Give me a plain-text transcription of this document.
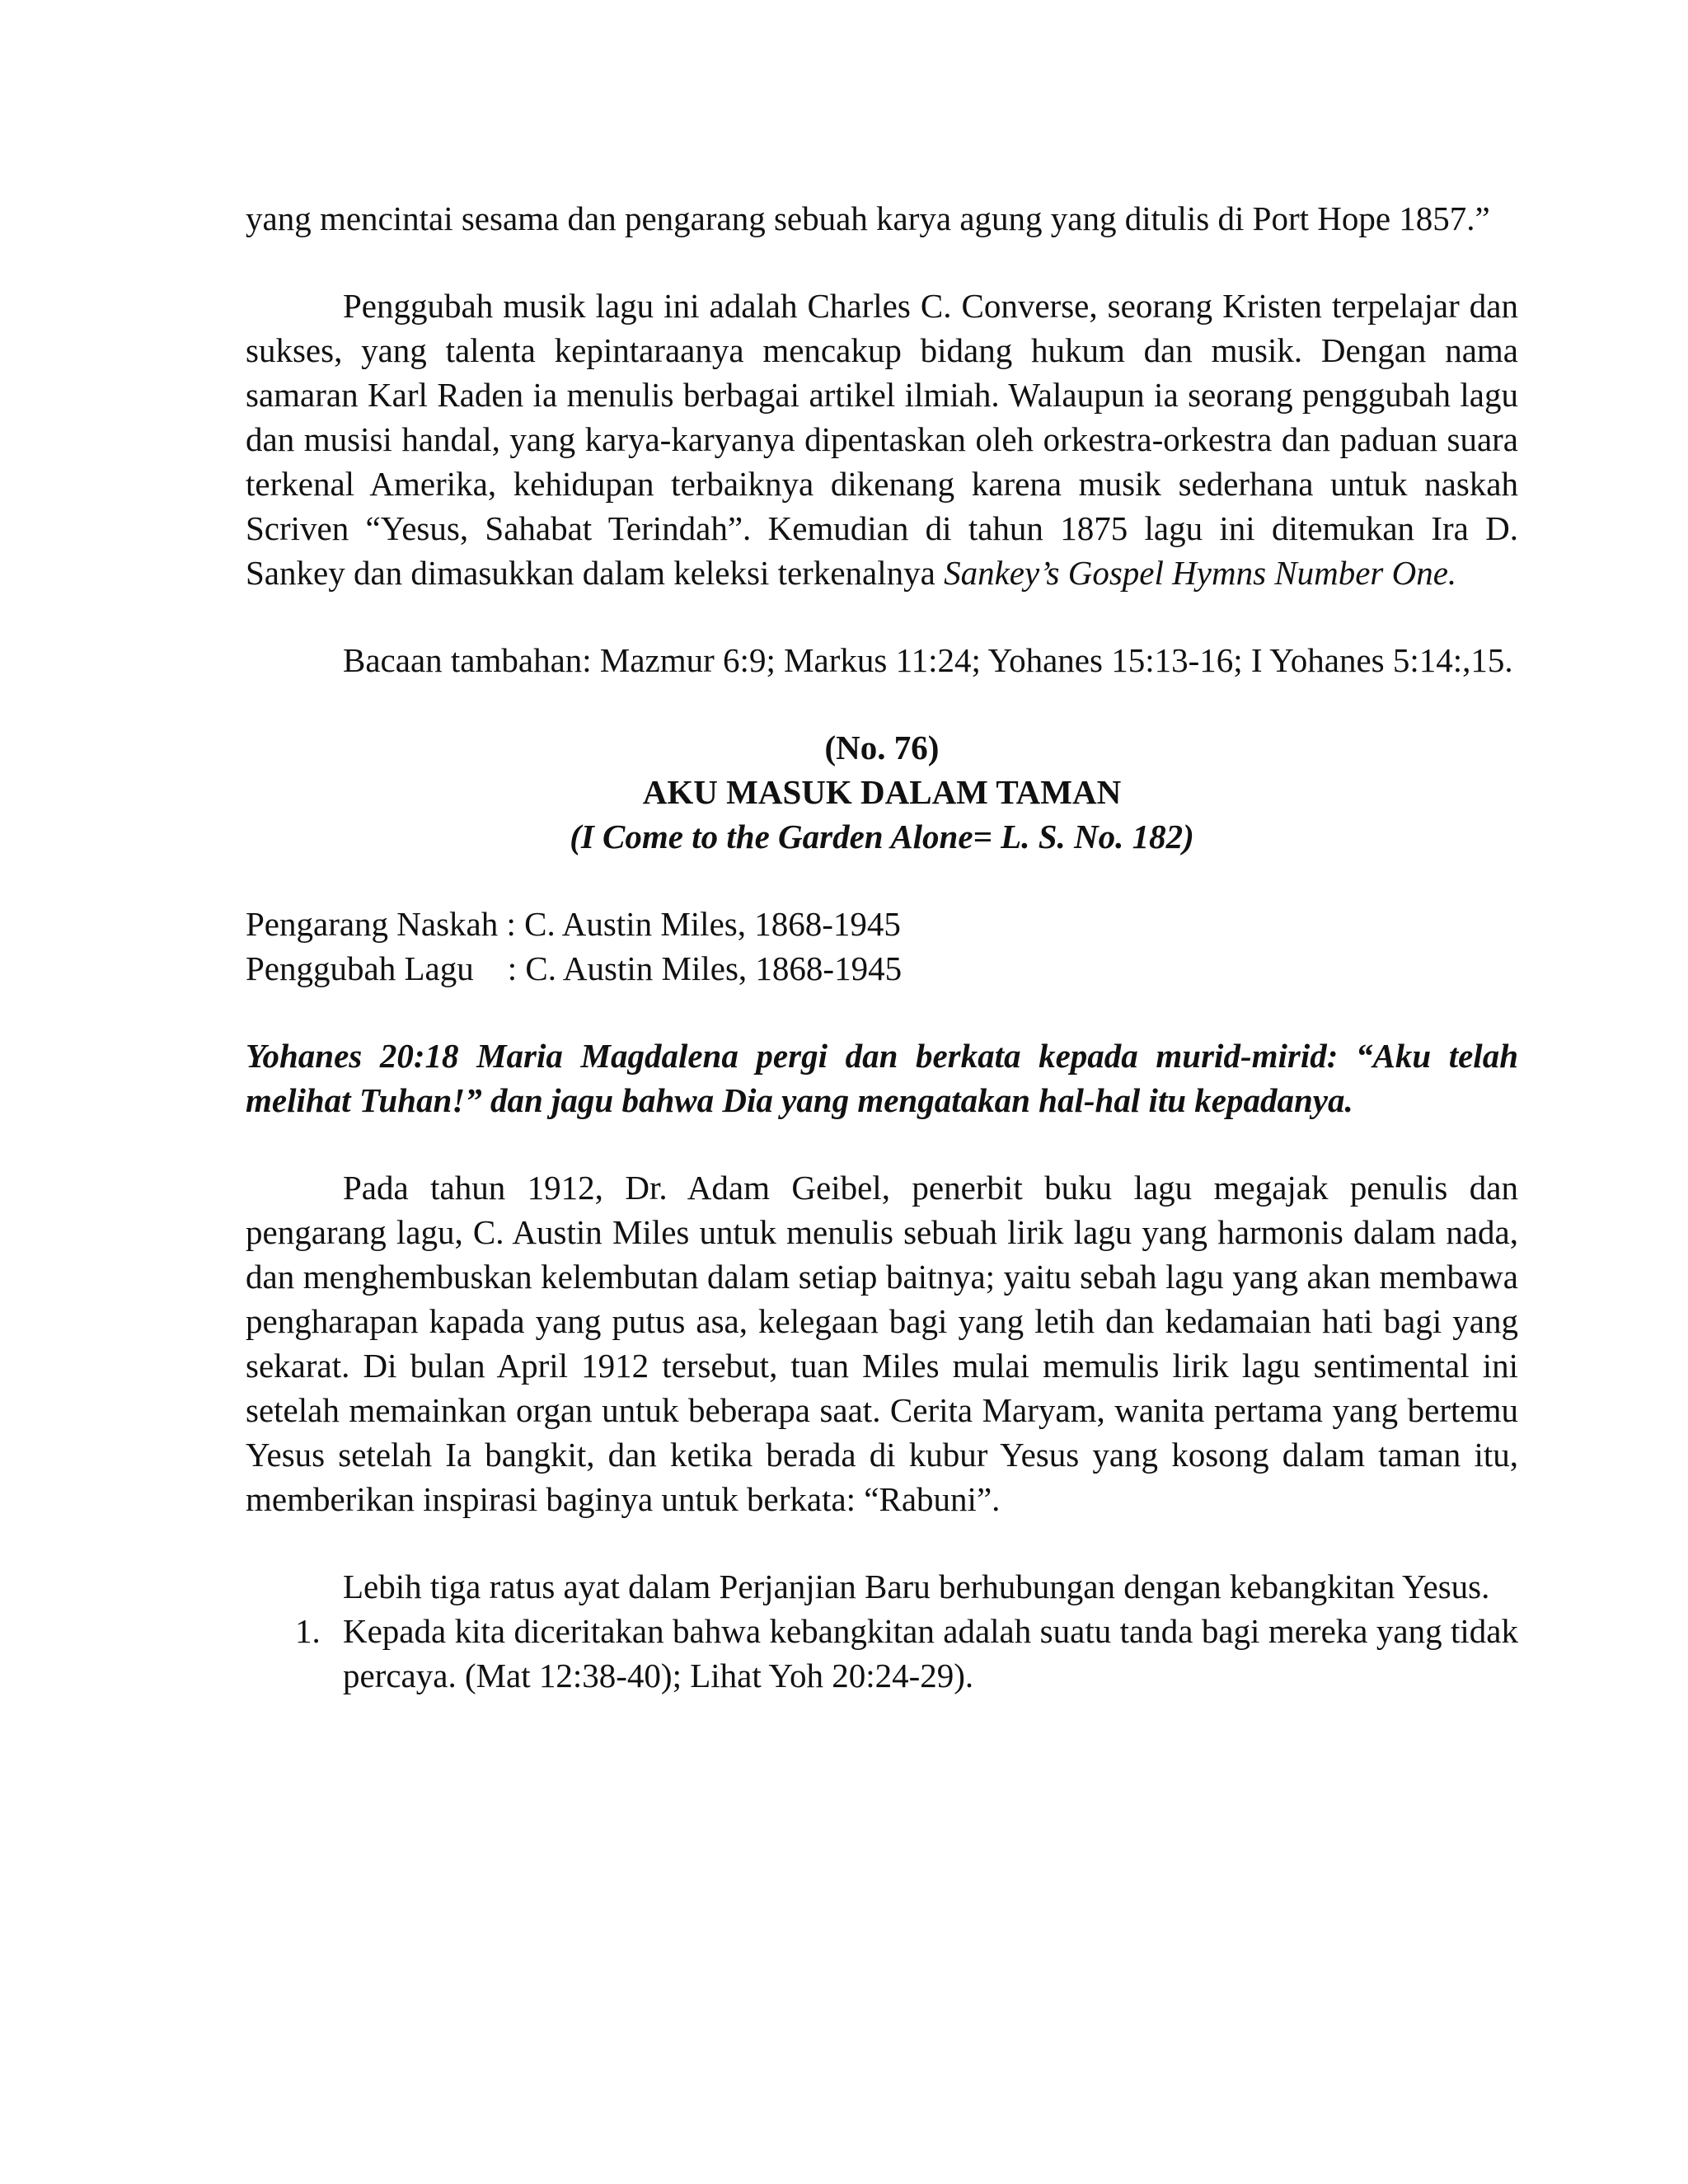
yang mencintai sesama dan pengarang sebuah karya agung yang ditulis di Port Hope 1857.”

Penggubah musik lagu ini adalah Charles C. Converse, seorang Kristen terpelajar dan sukses, yang talenta kepintaraanya mencakup bidang hukum dan musik. Dengan nama samaran Karl Raden ia menulis berbagai artikel ilmiah. Walaupun ia seorang penggubah lagu dan musisi handal, yang karya-karyanya dipentaskan oleh orkestra-orkestra dan paduan suara terkenal Amerika, kehidupan terbaiknya dikenang karena musik sederhana untuk naskah Scriven “Yesus, Sahabat Terindah”. Kemudian di tahun 1875 lagu ini ditemukan Ira D. Sankey dan dimasukkan dalam keleksi terkenalnya Sankey’s Gospel Hymns Number One.

Bacaan tambahan: Mazmur 6:9; Markus 11:24; Yohanes 15:13-16; I Yohanes 5:14:,15.

(No. 76)
AKU MASUK DALAM TAMAN
(I Come to the Garden Alone= L. S. No. 182)
Pengarang Naskah : C. Austin Miles, 1868-1945
Penggubah Lagu    : C. Austin Miles, 1868-1945

Yohanes 20:18 Maria Magdalena pergi dan berkata kepada murid-mirid: “Aku telah melihat Tuhan!” dan jagu bahwa Dia yang mengatakan hal-hal itu kepadanya.

Pada tahun 1912, Dr. Adam Geibel, penerbit buku lagu megajak penulis dan pengarang lagu, C. Austin Miles untuk menulis sebuah lirik lagu yang harmonis dalam nada, dan menghembuskan kelembutan dalam setiap baitnya; yaitu sebah lagu yang akan membawa pengharapan kapada yang putus asa, kelegaan bagi yang letih dan kedamaian hati bagi yang sekarat. Di bulan April 1912 tersebut, tuan Miles mulai memulis lirik lagu sentimental ini setelah memainkan organ untuk beberapa saat. Cerita Maryam, wanita pertama yang bertemu Yesus setelah Ia bangkit, dan ketika berada di kubur Yesus yang kosong dalam taman itu, memberikan inspirasi baginya untuk berkata: “Rabuni”.

Lebih tiga ratus ayat dalam Perjanjian Baru berhubungan dengan kebangkitan Yesus.

1. Kepada kita diceritakan bahwa kebangkitan adalah suatu tanda bagi mereka yang tidak percaya. (Mat 12:38-40); Lihat Yoh 20:24-29).
